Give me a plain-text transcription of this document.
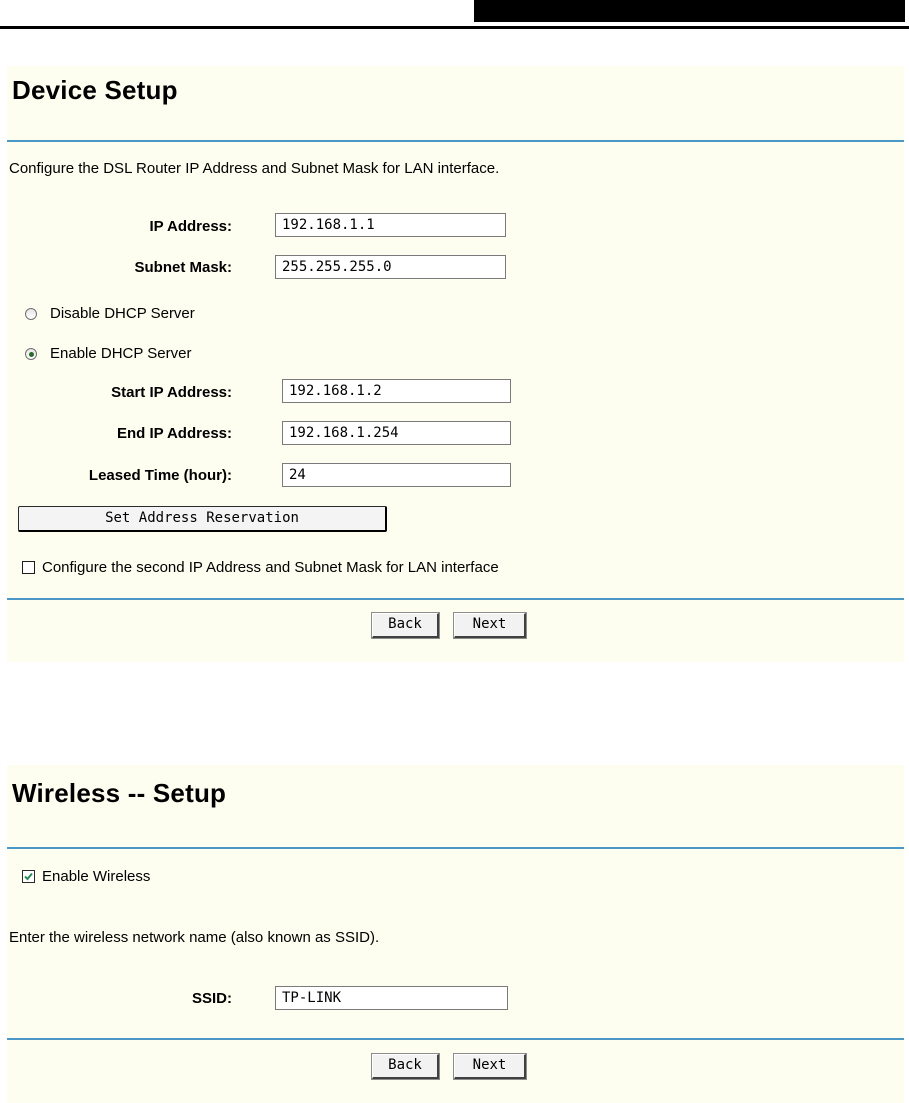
Device Setup
Configure the DSL Router IP Address and Subnet Mask for LAN interface.
IP Address:	192.168.1.1
Subnet Mask:	255.255.255.0
Disable DHCP Server
Enable DHCP Server
Start IP Address:	192.168.1.2
End IP Address:	192.168.1.254
Leased Time (hour):	24
Set Address Reservation
Configure the second IP Address and Subnet Mask for LAN interface
Back	Next
Wireless -- Setup
Enable Wireless
Enter the wireless network name (also known as SSID).
SSID:	TP-LINK
Back	Next
